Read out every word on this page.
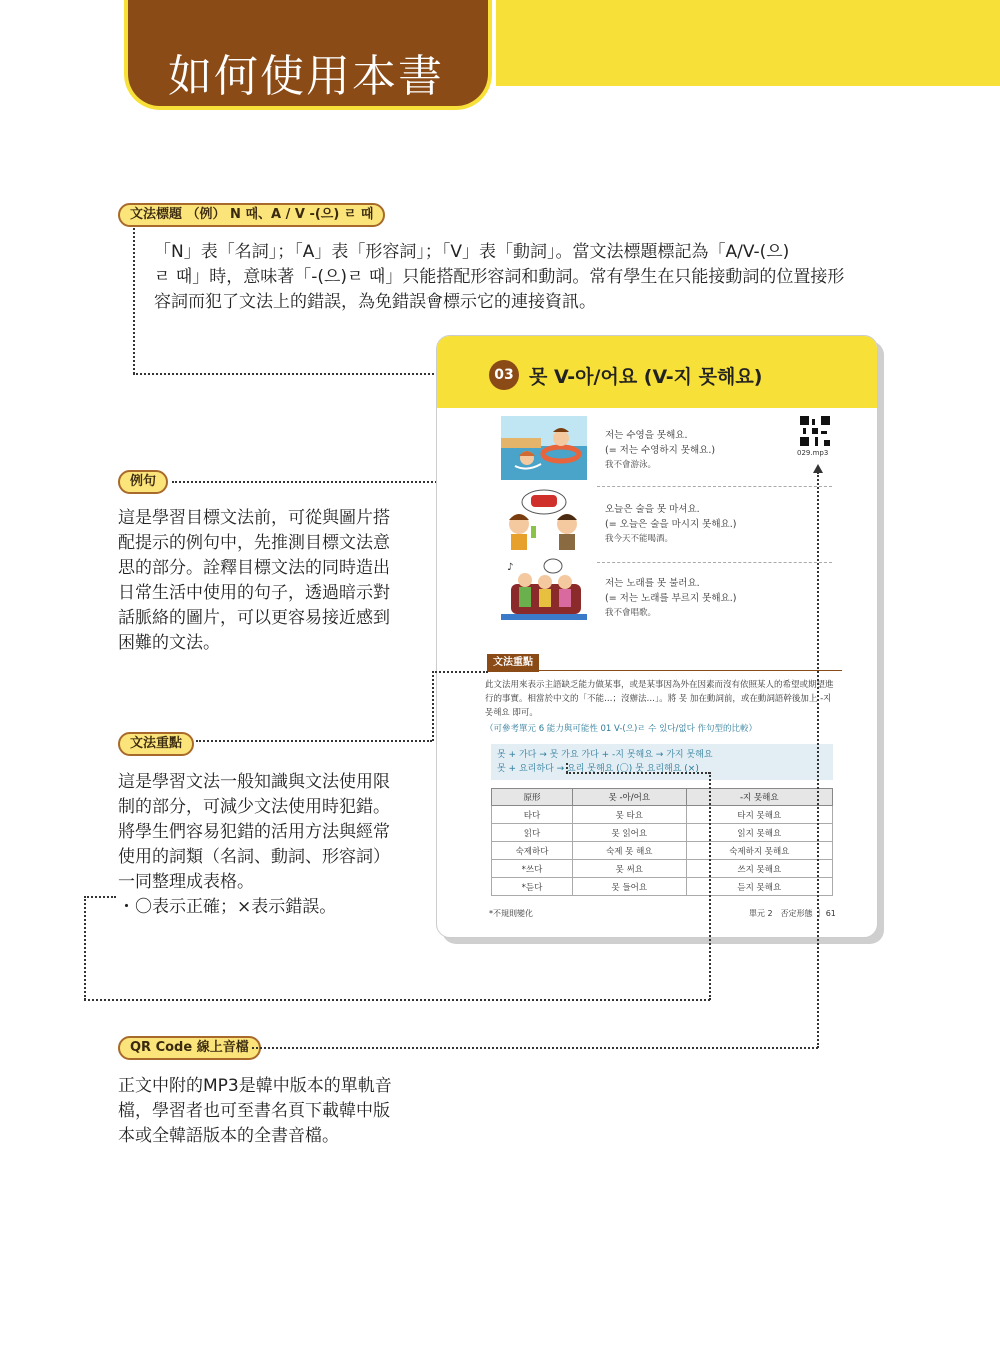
如何使用本書
文法標題 （例） N 때、A / V -(으) ㄹ 때
「N」表「名詞」；「A」表「形容詞」；「V」表「動詞」。當文法標題標記為「A/V-(으)
ㄹ 때」時，意味著「-(으)ㄹ 때」只能搭配形容詞和動詞。常有學生在只能接動詞的位置接形
容詞而犯了文法上的錯誤，為免錯誤會標示它的連接資訊。
例句
這是學習目標文法前，可從與圖片搭
配提示的例句中，先推測目標文法意
思的部分。詮釋目標文法的同時造出
日常生活中使用的句子，透過暗示對
話脈絡的圖片，可以更容易接近感到
困難的文法。
03 못 V-아/어요 (V-지 못해요)
♪
저는 수영을 못해요.
(= 저는 수영하지 못해요.)
我不會游泳。
오늘은 술을 못 마셔요.
(= 오늘은 술을 마시지 못해요.)
我今天不能喝酒。
저는 노래를 못 불러요.
(= 저는 노래를 부르지 못해요.)
我不會唱歌。
029.mp3
文法重點
此文法用來表示主語缺乏能力做某事，或是某事因為外在因素而沒有依照某人的希望或期望進行的事實。相當於中文的「不能…；沒辦法…」。將 못 加在動詞前，或在動詞語幹後加上 -지 못해요 即可。
（可參考單元 6 能力與可能性 01 V-(으)ㄹ 수 있다/없다 作句型的比較）
못 + 가다 → 못 가요 가다 + -지 못해요 → 가지 못해요
못 + 요리하다 → 요리 못해요 (〇) 못 요리해요 (×)
原形	못 -아/어요	-지 못해요
타다	못 타요	타지 못해요
읽다	못 읽어요	읽지 못해요
숙제하다	숙제 못 해요	숙제하지 못해요
*쓰다	못 써요	쓰지 못해요
*듣다	못 들어요	듣지 못해요
*不規則變化	單元 2　否定形態 ｜ 61
文法重點
這是學習文法一般知識與文法使用限
制的部分，可減少文法使用時犯錯。
將學生們容易犯錯的活用方法與經常
使用的詞類（名詞、動詞、形容詞）
一同整理成表格。
・〇表示正確；×表示錯誤。
QR Code 線上音檔
正文中附的MP3是韓中版本的單軌音
檔，學習者也可至書名頁下載韓中版
本或全韓語版本的全書音檔。
